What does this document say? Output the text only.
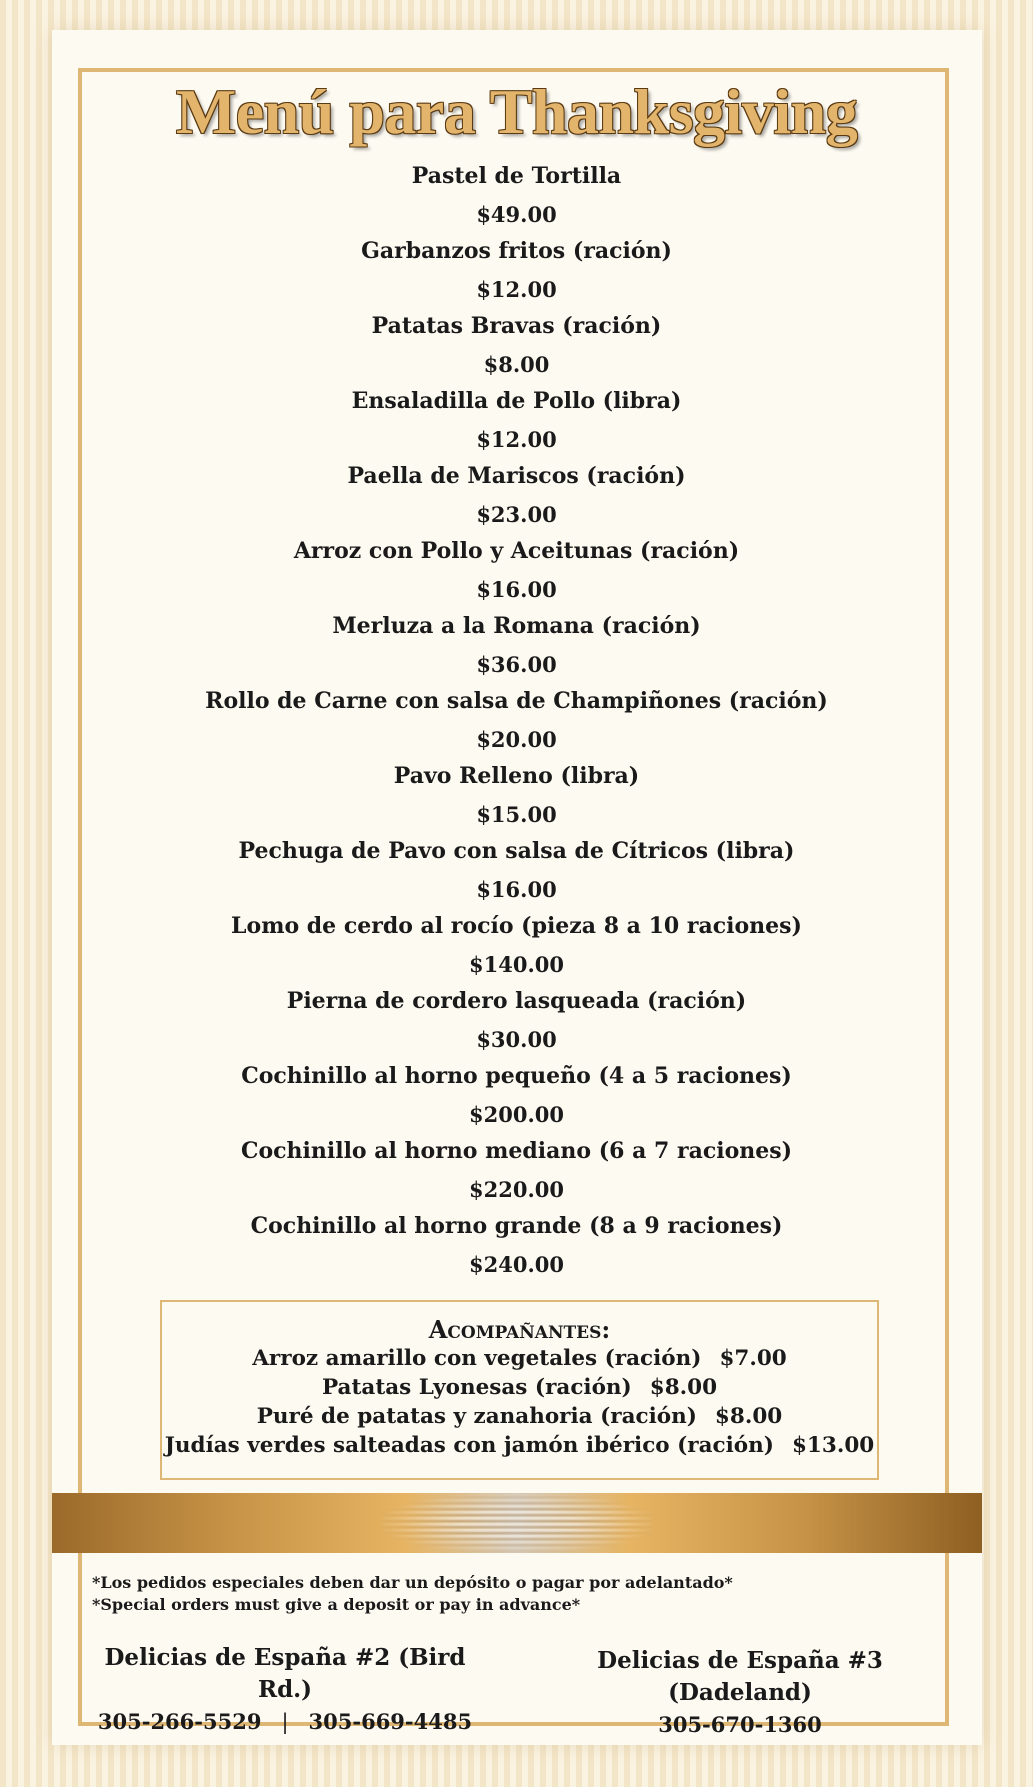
Menú para Thanksgiving
Pastel de Tortilla
$49.00
Garbanzos fritos (ración)
$12.00
Patatas Bravas (ración)
$8.00
Ensaladilla de Pollo (libra)
$12.00
Paella de Mariscos (ración)
$23.00
Arroz con Pollo y Aceitunas (ración)
$16.00
Merluza a la Romana (ración)
$36.00
Rollo de Carne con salsa de Champiñones (ración)
$20.00
Pavo Relleno (libra)
$15.00
Pechuga de Pavo con salsa de Cítricos (libra)
$16.00
Lomo de cerdo al rocío (pieza 8 a 10 raciones)
$140.00
Pierna de cordero lasqueada (ración)
$30.00
Cochinillo al horno pequeño (4 a 5 raciones)
$200.00
Cochinillo al horno mediano (6 a 7 raciones)
$220.00
Cochinillo al horno grande (8 a 9 raciones)
$240.00
Acompañantes:
Arroz amarillo con vegetales (ración) $7.00
Patatas Lyonesas (ración) $8.00
Puré de patatas y zanahoria (ración) $8.00
Judías verdes salteadas con jamón ibérico (ración) $13.00
*Los pedidos especiales deben dar un depósito o pagar por adelantado*
*Special orders must give a deposit or pay in advance*
Delicias de España #2 (Bird Rd.)
305-266-5529 | 305-669-4485
Delicias de España #3 (Dadeland)
305-670-1360
